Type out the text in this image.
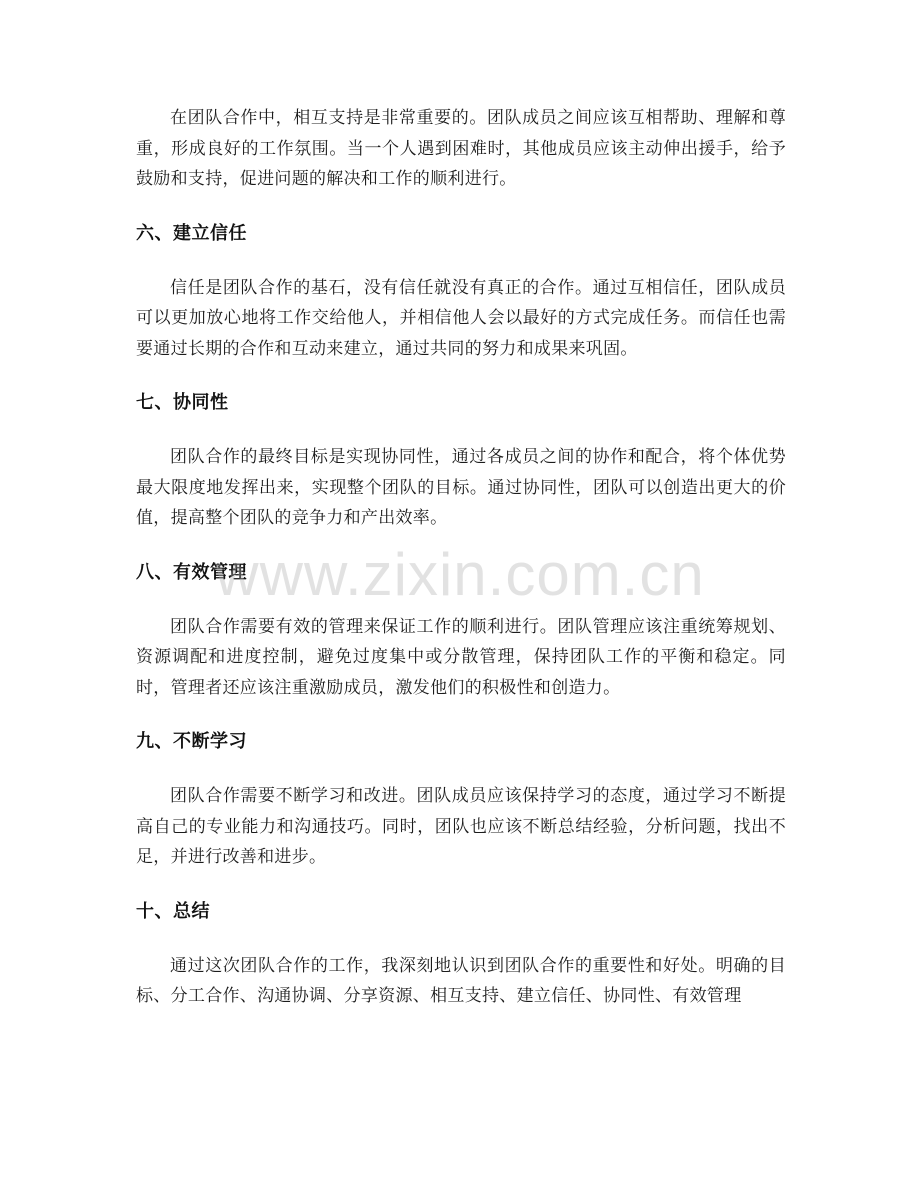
在团队合作中，相互支持是非常重要的。团队成员之间应该互相帮助、理解和尊重，形成良好的工作氛围。当一个人遇到困难时，其他成员应该主动伸出援手，给予鼓励和支持，促进问题的解决和工作的顺利进行。

六、建立信任

信任是团队合作的基石，没有信任就没有真正的合作。通过互相信任，团队成员可以更加放心地将工作交给他人，并相信他人会以最好的方式完成任务。而信任也需要通过长期的合作和互动来建立，通过共同的努力和成果来巩固。

七、协同性

团队合作的最终目标是实现协同性，通过各成员之间的协作和配合，将个体优势最大限度地发挥出来，实现整个团队的目标。通过协同性，团队可以创造出更大的价值，提高整个团队的竞争力和产出效率。

八、有效管理

团队合作需要有效的管理来保证工作的顺利进行。团队管理应该注重统筹规划、资源调配和进度控制，避免过度集中或分散管理，保持团队工作的平衡和稳定。同时，管理者还应该注重激励成员，激发他们的积极性和创造力。

九、不断学习

团队合作需要不断学习和改进。团队成员应该保持学习的态度，通过学习不断提高自己的专业能力和沟通技巧。同时，团队也应该不断总结经验，分析问题，找出不足，并进行改善和进步。

十、总结

通过这次团队合作的工作，我深刻地认识到团队合作的重要性和好处。明确的目标、分工合作、沟通协调、分享资源、相互支持、建立信任、协同性、有效管理

www.zixin.com.cn
